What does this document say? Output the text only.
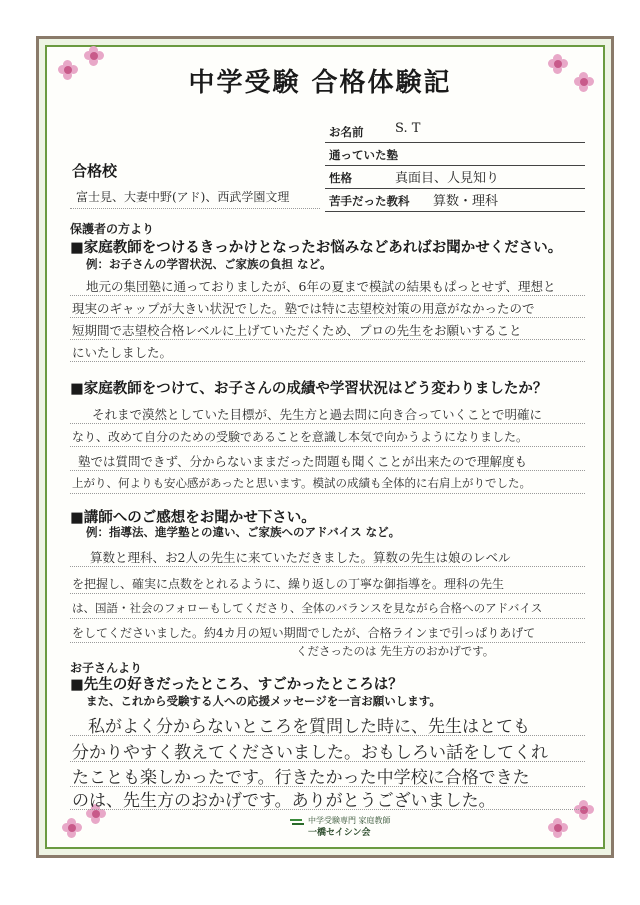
中学受験 合格体験記
お名前 S. T
通っていた塾
性格	真面目、人見知り
苦手だった教科 算数・理科
合格校
富士見、大妻中野(アド)、西武学園文理
保護者の方より
■家庭教師をつけるきっかけとなったお悩みなどあればお聞かせください。
例：お子さんの学習状況、ご家族の負担 など。
地元の集団塾に通っておりましたが、6年の夏まで模試の結果もぱっとせず、理想と
現実のギャップが大きい状況でした。塾では特に志望校対策の用意がなかったので
短期間で志望校合格レベルに上げていただくため、プロの先生をお願いすること
にいたしました。
■家庭教師をつけて、お子さんの成績や学習状況はどう変わりましたか？
それまで漠然としていた目標が、先生方と過去問に向き合っていくことで明確に
なり、改めて自分のための受験であることを意識し本気で向かうようになりました。
塾では質問できず、分からないままだった問題も聞くことが出来たので理解度も
上がり、何よりも安心感があったと思います。模試の成績も全体的に右肩上がりでした。
■講師へのご感想をお聞かせ下さい。
例：指導法、進学塾との違い、ご家族へのアドバイス など。
算数と理科、お2人の先生に来ていただきました。算数の先生は娘のレベル
を把握し、確実に点数をとれるように、繰り返しの丁寧な御指導を。理科の先生
は、国語・社会のフォローもしてくださり、全体のバランスを見ながら合格へのアドバイス
をしてくださいました。約4カ月の短い期間でしたが、合格ラインまで引っぱりあげて
くださったのは 先生方のおかげです。
お子さんより
■先生の好きだったところ、すごかったところは？
また、これから受験する人への応援メッセージを一言お願いします。
私がよく分からないところを質問した時に、先生はとても
分かりやすく教えてくださいました。おもしろい話をしてくれ
たことも楽しかったです。行きたかった中学校に合格できた
のは、先生方のおかげです。ありがとうございました。
中学受験専門 家庭教師
一橋セイシン会
